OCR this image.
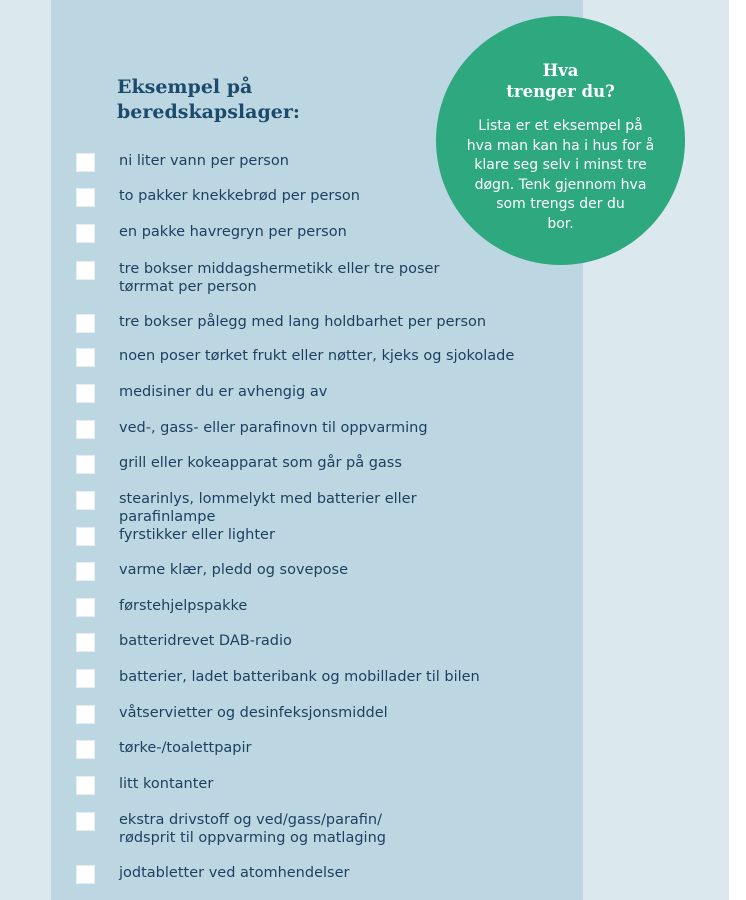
Eksempel på
beredskapslager:
ni liter vann per person
to pakker knekkebrød per person
en pakke havregryn per person
tre bokser middagshermetikk eller tre poser
tørrmat per person
tre bokser pålegg med lang holdbarhet per person
noen poser tørket frukt eller nøtter, kjeks og sjokolade
medisiner du er avhengig av
ved-, gass- eller parafinovn til oppvarming
grill eller kokeapparat som går på gass
stearinlys, lommelykt med batterier eller parafinlampe
fyrstikker eller lighter
varme klær, pledd og sovepose
førstehjelpspakke
batteridrevet DAB-radio
batterier, ladet batteribank og mobillader til bilen
våtservietter og desinfeksjonsmiddel
tørke-/toalettpapir
litt kontanter
ekstra drivstoff og ved/gass/parafin/
rødsprit til oppvarming og matlaging
jodtabletter ved atomhendelser
Hva
trenger du?

Lista er et eksempel på
hva man kan ha i hus for å
klare seg selv i minst tre
døgn. Tenk gjennom hva
som trengs der du
bor.
